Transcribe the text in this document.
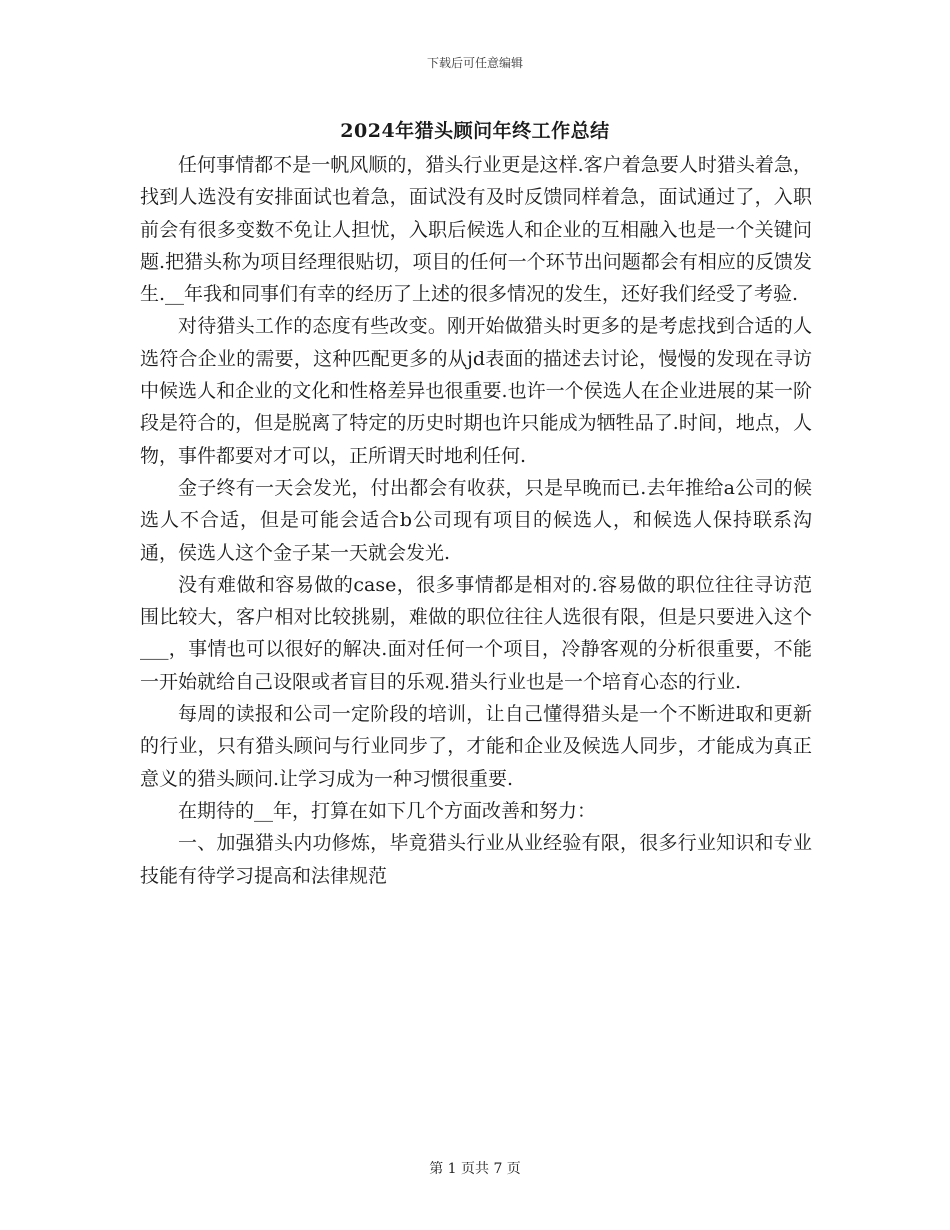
下载后可任意编辑
2024年猎头顾问年终工作总结

任何事情都不是一帆风顺的，猎头行业更是这样.客户着急要人时猎头着急，找到人选没有安排面试也着急，面试没有及时反馈同样着急，面试通过了，入职前会有很多变数不免让人担忧，入职后候选人和企业的互相融入也是一个关键问题.把猎头称为项目经理很贴切，项目的任何一个环节出问题都会有相应的反馈发生.__年我和同事们有幸的经历了上述的很多情况的发生，还好我们经受了考验.

对待猎头工作的态度有些改变。刚开始做猎头时更多的是考虑找到合适的人选符合企业的需要，这种匹配更多的从jd表面的描述去讨论，慢慢的发现在寻访中候选人和企业的文化和性格差异也很重要.也许一个侯选人在企业进展的某一阶段是符合的，但是脱离了特定的历史时期也许只能成为牺牲品了.时间，地点，人物，事件都要对才可以，正所谓天时地利任何.

金子终有一天会发光，付出都会有收获，只是早晚而已.去年推给a公司的候选人不合适，但是可能会适合b公司现有项目的候选人，和候选人保持联系沟通，侯选人这个金子某一天就会发光.

没有难做和容易做的case，很多事情都是相对的.容易做的职位往往寻访范围比较大，客户相对比较挑剔，难做的职位往往人选很有限，但是只要进入这个___，事情也可以很好的解决.面对任何一个项目，冷静客观的分析很重要，不能一开始就给自己设限或者盲目的乐观.猎头行业也是一个培育心态的行业.

每周的读报和公司一定阶段的培训，让自己懂得猎头是一个不断进取和更新的行业，只有猎头顾问与行业同步了，才能和企业及候选人同步，才能成为真正意义的猎头顾问.让学习成为一种习惯很重要.

在期待的__年，打算在如下几个方面改善和努力：

一、加强猎头内功修炼，毕竟猎头行业从业经验有限，很多行业知识和专业技能有待学习提高和法律规范

第 1 页共 7 页
